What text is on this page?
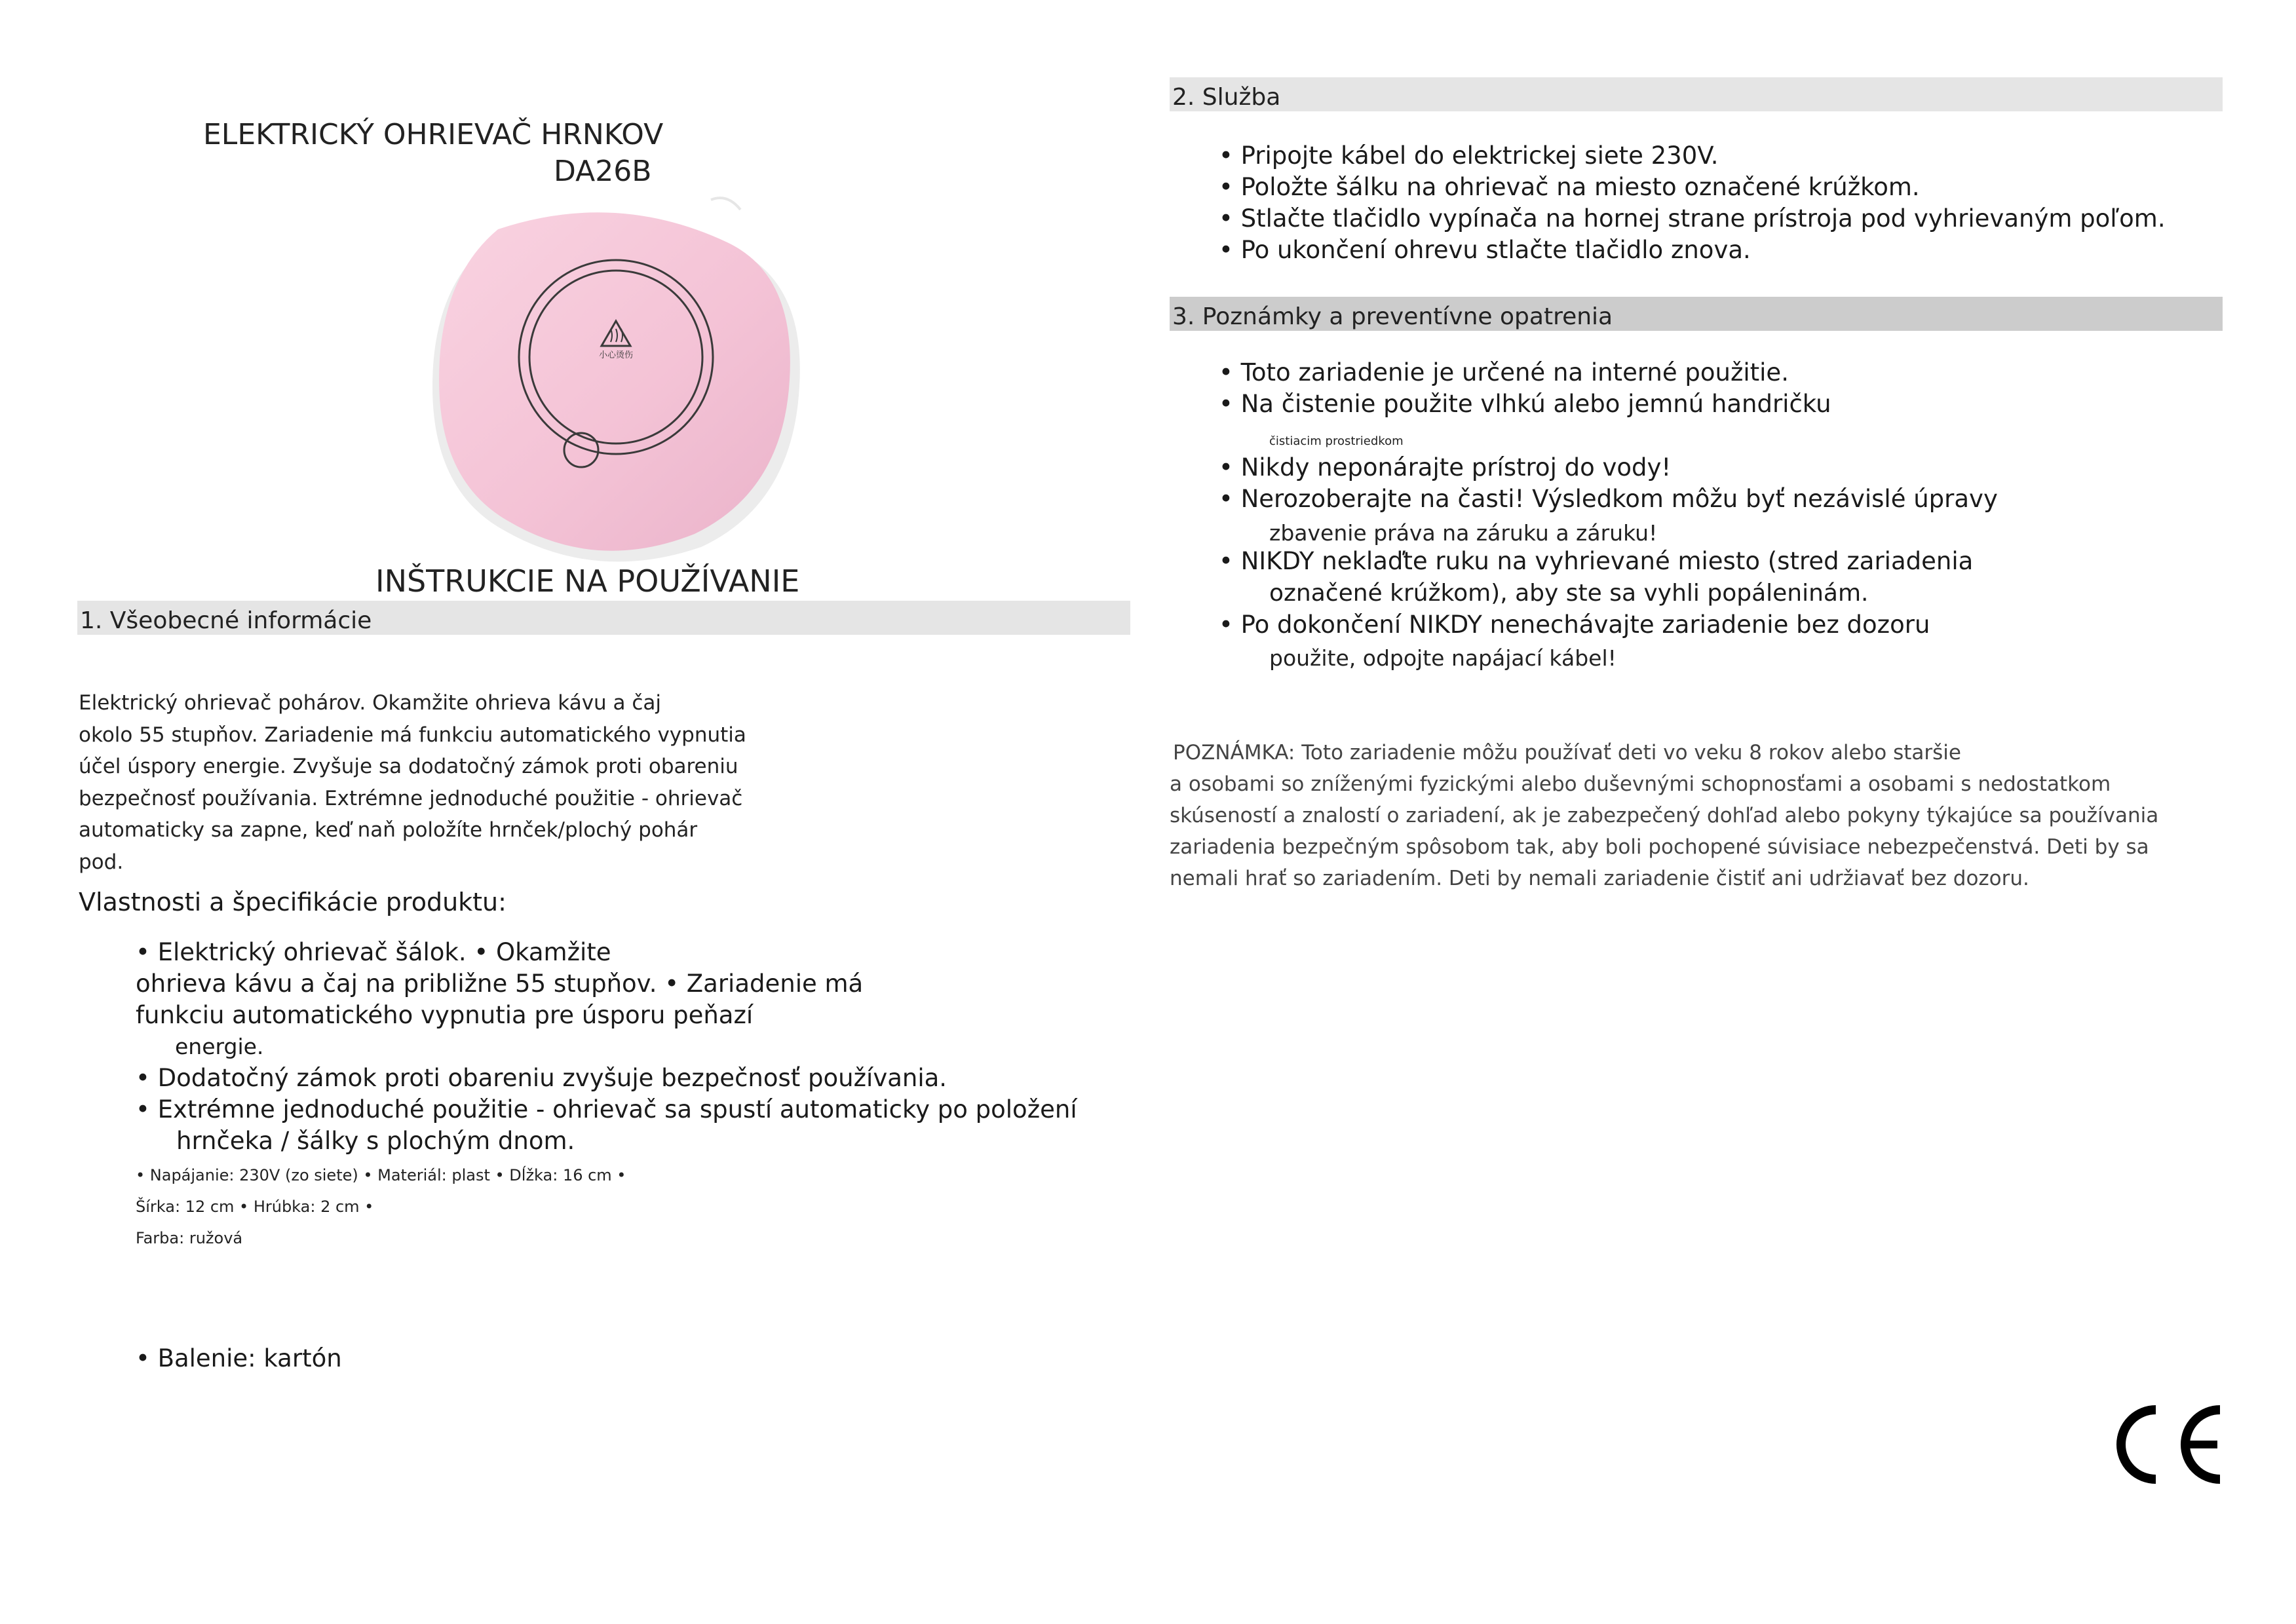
ELEKTRICKÝ OHRIEVAČ HRNKOV
DA26B
小心烫伤
INŠTRUKCIE NA POUŽÍVANIE
1. Všeobecné informácie
Elektrický ohrievač pohárov. Okamžite ohrieva kávu a čaj
okolo 55 stupňov. Zariadenie má funkciu automatického vypnutia
účel úspory energie. Zvyšuje sa dodatočný zámok proti obareniu
bezpečnosť používania. Extrémne jednoduché použitie - ohrievač
automaticky sa zapne, keď naň položíte hrnček/plochý pohár
pod.
Vlastnosti a špecifikácie produktu:
• Elektrický ohrievač šálok. • Okamžite
ohrieva kávu a čaj na približne 55 stupňov. • Zariadenie má
funkciu automatického vypnutia pre úsporu peňazí
energie.
• Dodatočný zámok proti obareniu zvyšuje bezpečnosť používania.
• Extrémne jednoduché použitie - ohrievač sa spustí automaticky po položení
hrnčeka / šálky s plochým dnom.
• Napájanie: 230V (zo siete) • Materiál: plast • Dĺžka: 16 cm •
Šírka: 12 cm • Hrúbka: 2 cm •
Farba: ružová
• Balenie: kartón
2. Služba
• Pripojte kábel do elektrickej siete 230V.
• Položte šálku na ohrievač na miesto označené krúžkom.
• Stlačte tlačidlo vypínača na hornej strane prístroja pod vyhrievaným poľom.
• Po ukončení ohrevu stlačte tlačidlo znova.
3. Poznámky a preventívne opatrenia
• Toto zariadenie je určené na interné použitie.
• Na čistenie použite vlhkú alebo jemnú handričku
čistiacim prostriedkom
• Nikdy neponárajte prístroj do vody!
• Nerozoberajte na časti! Výsledkom môžu byť nezávislé úpravy
zbavenie práva na záruku a záruku!
• NIKDY neklaďte ruku na vyhrievané miesto (stred zariadenia
označené krúžkom), aby ste sa vyhli popáleninám.
• Po dokončení NIKDY nenechávajte zariadenie bez dozoru
použite, odpojte napájací kábel!
POZNÁMKA: Toto zariadenie môžu používať deti vo veku 8 rokov alebo staršie
a osobami so zníženými fyzickými alebo duševnými schopnosťami a osobami s nedostatkom
skúseností a znalostí o zariadení, ak je zabezpečený dohľad alebo pokyny týkajúce sa používania
zariadenia bezpečným spôsobom tak, aby boli pochopené súvisiace nebezpečenstvá. Deti by sa
nemali hrať so zariadením. Deti by nemali zariadenie čistiť ani udržiavať bez dozoru.
